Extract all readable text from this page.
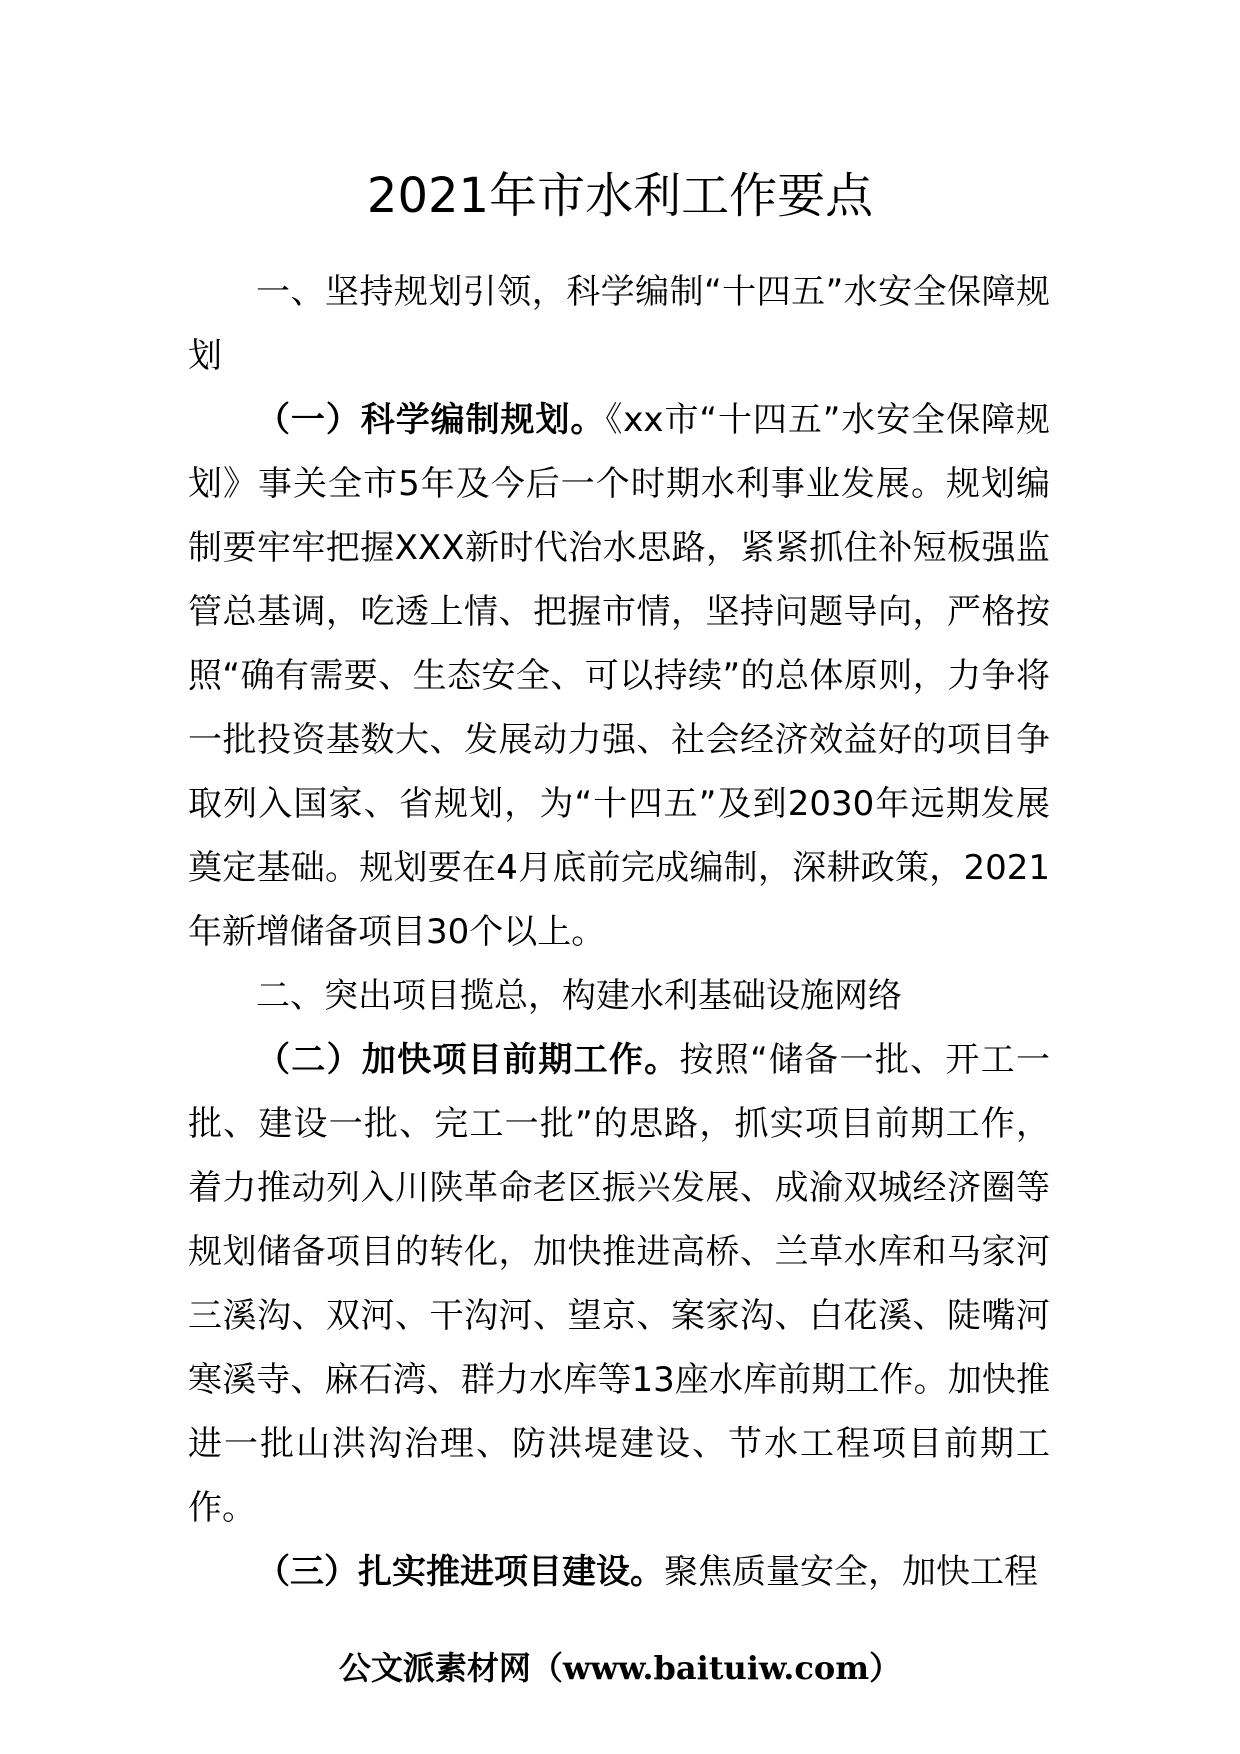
2021年市水利工作要点

一、坚持规划引领，科学编制“十四五”水安全保障规划

（一）科学编制规划。《xx市“十四五”水安全保障规划》事关全市5年及今后一个时期水利事业发展。规划编制要牢牢把握XXX新时代治水思路，紧紧抓住补短板强监管总基调，吃透上情、把握市情，坚持问题导向，严格按照“确有需要、生态安全、可以持续”的总体原则，力争将一批投资基数大、发展动力强、社会经济效益好的项目争取列入国家、省规划，为“十四五”及到2030年远期发展奠定基础。规划要在4月底前完成编制，深耕政策，2021年新增储备项目30个以上。

二、突出项目揽总，构建水利基础设施网络

（二）加快项目前期工作。按照“储备一批、开工一批、建设一批、完工一批”的思路，抓实项目前期工作，着力推动列入川陕革命老区振兴发展、成渝双城经济圈等规划储备项目的转化，加快推进高桥、兰草水库和马家河三溪沟、双河、干沟河、望京、案家沟、白花溪、陡嘴河寒溪寺、麻石湾、群力水库等13座水库前期工作。加快推进一批山洪沟治理、防洪堤建设、节水工程项目前期工作。

（三）扎实推进项目建设。聚焦质量安全，加快工程

公文派素材网（www.baituiw.com）
